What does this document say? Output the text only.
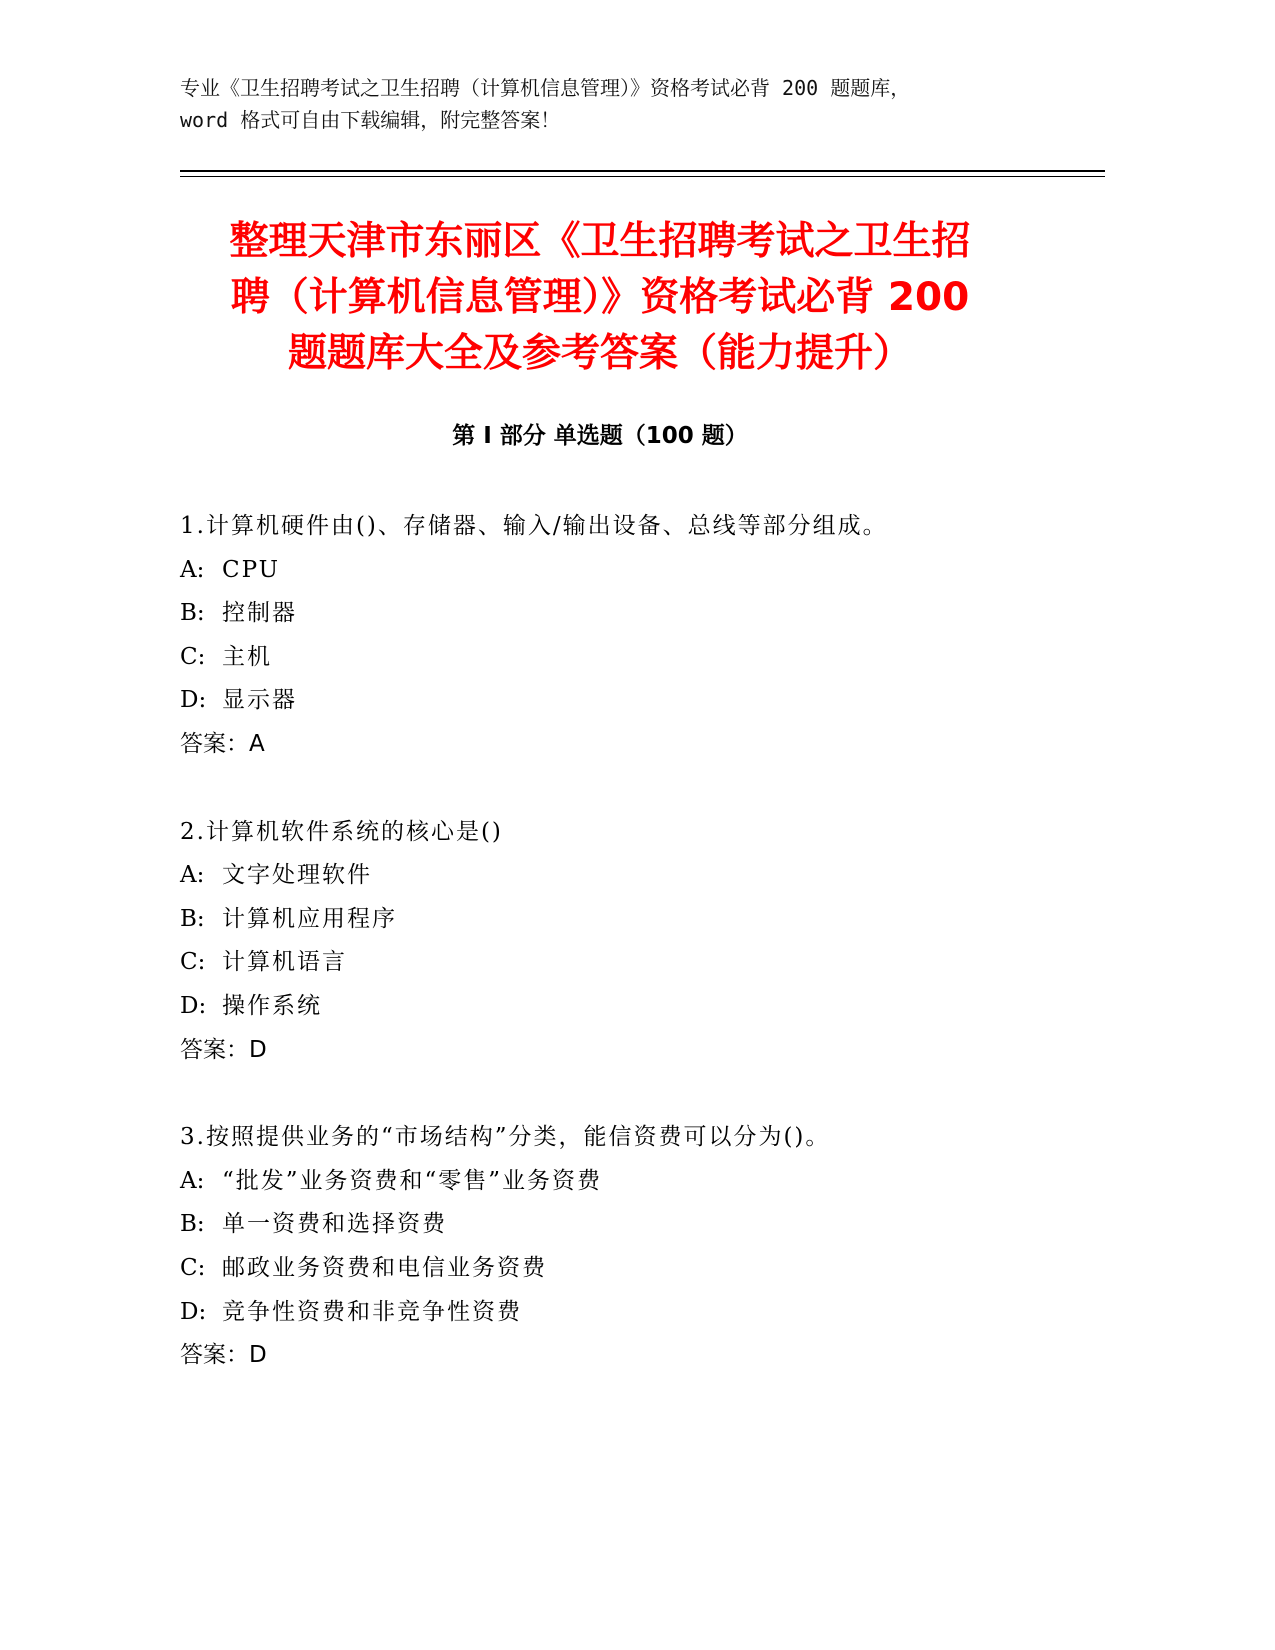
专业《卫生招聘考试之卫生招聘（计算机信息管理）》资格考试必背 200 题题库，
word 格式可自由下载编辑，附完整答案！
整理天津市东丽区《卫生招聘考试之卫生招
聘（计算机信息管理）》资格考试必背 200
题题库大全及参考答案（能力提升）
第 I 部分 单选题（100 题）
1.计算机硬件由()、存储器、输入/输出设备、总线等部分组成。
A: CPU
B: 控制器
C: 主机
D: 显示器
答案：A
2.计算机软件系统的核心是()
A: 文字处理软件
B: 计算机应用程序
C: 计算机语言
D: 操作系统
答案：D
3.按照提供业务的“市场结构”分类，能信资费可以分为()。
A: “批发”业务资费和“零售”业务资费
B: 单一资费和选择资费
C: 邮政业务资费和电信业务资费
D: 竞争性资费和非竞争性资费
答案：D
